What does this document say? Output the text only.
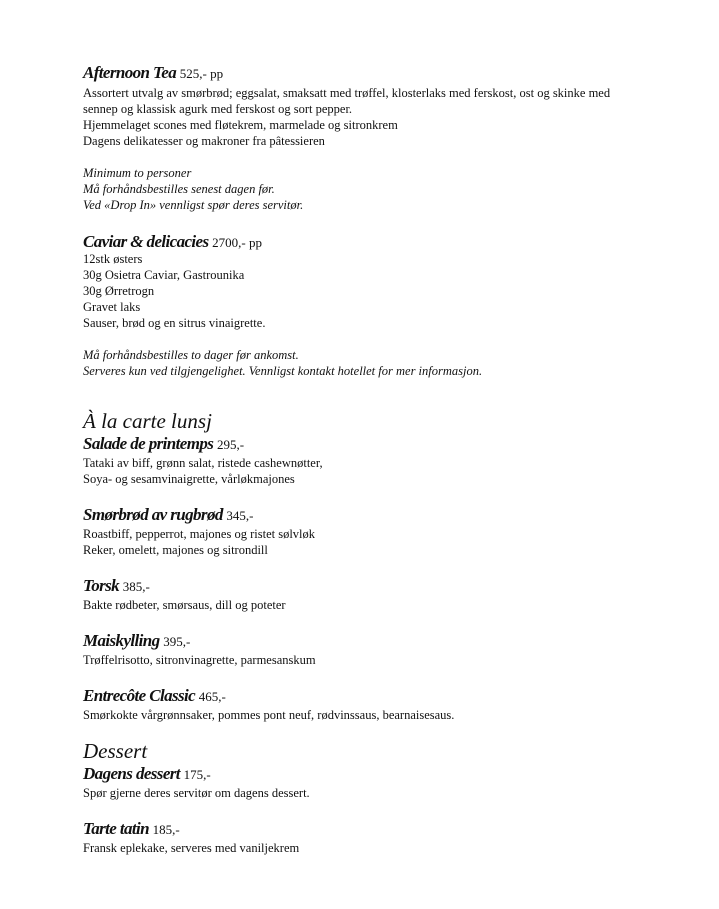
Afternoon Tea 525,- pp

Assortert utvalg av smørbrød; eggsalat, smaksatt med trøffel, klosterlaks med ferskost, ost og skinke med

sennep og klassisk agurk med ferskost og sort pepper.

Hjemmelaget scones med fløtekrem, marmelade og sitronkrem

Dagens delikatesser og makroner fra pâtessieren

Minimum to personer

Må forhåndsbestilles senest dagen før.

Ved «Drop In» vennligst spør deres servitør.

Caviar & delicacies 2700,- pp

12stk østers

30g Osietra Caviar, Gastrounika

30g Ørretrogn

Gravet laks

Sauser, brød og en sitrus vinaigrette.

Må forhåndsbestilles to dager før ankomst.

Serveres kun ved tilgjengelighet. Vennligst kontakt hotellet for mer informasjon.

À la carte lunsj

Salade de printemps 295,-

Tataki av biff, grønn salat, ristede cashewnøtter,

Soya- og sesamvinaigrette, vårløkmajones

Smørbrød av rugbrød 345,-

Roastbiff, pepperrot, majones og ristet sølvløk

Reker, omelett, majones og sitrondill

Torsk 385,-

Bakte rødbeter, smørsaus, dill og poteter

Maiskylling 395,-

Trøffelrisotto, sitronvinagrette, parmesanskum

Entrecôte Classic 465,-

Smørkokte vårgrønnsaker, pommes pont neuf, rødvinssaus, bearnaisesaus.

Dessert

Dagens dessert 175,-

Spør gjerne deres servitør om dagens dessert.

Tarte tatin 185,-

Fransk eplekake, serveres med vaniljekrem
